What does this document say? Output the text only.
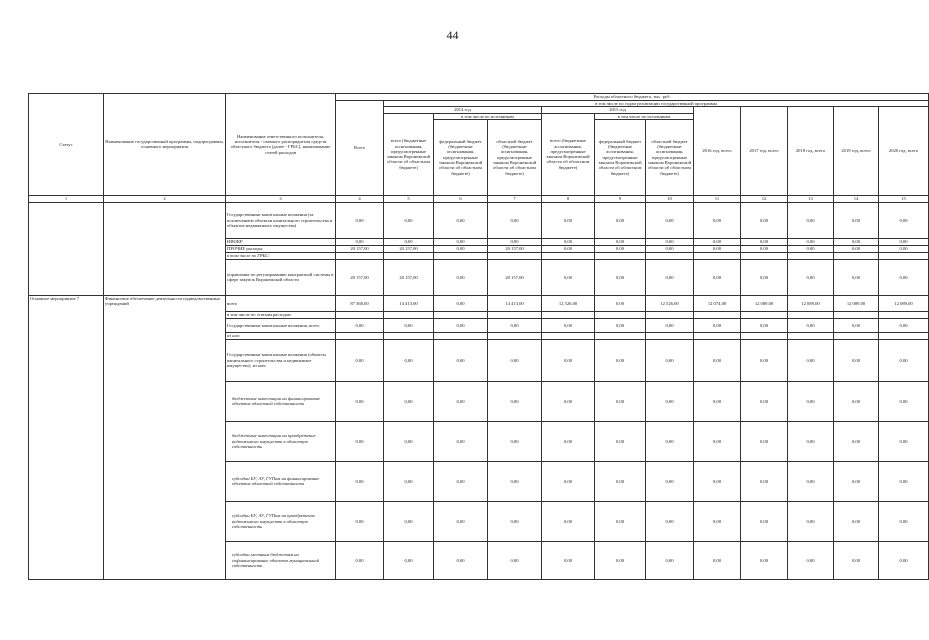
44
Статус	Наименование государственной программы, подпрограммы, основного мероприятия	Наименование ответственного исполнителя, исполнителя - главного распорядителя средств областного бюджета (далее - ГРБС), наименование статей расходов	Расходы областного бюджета, тыс. руб.											
			Всего	в том числе по годам реализации государственной программы										
				2014 год			2015 год			2016 год, всего	2017 год, всего	2018 год, всего	2019 год, всего	2020 год, всего
				всего (бюджетные ассигнования, предусмотренные законом Воронежской области об областном бюджете)	в том числе по источникам		всего (бюджетные ассигнования, предусмотренные законом Воронежской области об областном бюджете)	в том числе по источникам						
					федеральный бюджет (бюджетные ассигнования, предусмотренные законом Воронежской области об областном бюджете)	областной бюджет (бюджетные ассигнования, предусмотренные законом Воронежской области об областном бюджете)		федеральный бюджет (бюджетные ассигнования, предусмотренные законом Воронежской области об областном бюджете)	областной бюджет (бюджетные ассигнования, предусмотренные законом Воронежской области об областном бюджете)					
1	2	3	4	5	6	7	8	9	10	11	12	13	14	15
		Государственные капитальные вложения (за исключением объектов капитального строительства и объектов недвижимого имущества)	0,00	0,00	0,00	0,00	0,00	0,00	0,00	0,00	0,00	0,00	0,00	0,00
		НИОКР	0,00	0,00	0,00	0,00	0,00	0,00	0,00	0,00	0,00	0,00	0,00	0,00
		ПРОЧИЕ расходы	20 157,00	20 157,00	0,00	20 157,00	0,00	0,00	0,00	0,00	0,00	0,00	0,00	0,00
		в том числе по ГРБС:												
		управление по регулированию контрактной системы в сфере закупок Воронежской области	20 157,00	20 157,00	0,00	20 157,00	0,00	0,00	0,00	0,00	0,00	0,00	0,00	0,00
Основное мероприятие 7	Финансовое обеспечение деятельности подведомственных учреждений	всего	87 368,00	14 413,00	0,00	14 413,00	12 526,00	0,00	12 526,00	12 074,00	12 089,00	12 089,00	12 089,00	12 089,00
		в том числе по статьям расходов:												
		Государственные капитальные вложения, всего	0,00	0,00	0,00	0,00	0,00	0,00	0,00	0,00	0,00	0,00	0,00	0,00
		из них:												
		Государственные капитальные вложения (объекты капитального строительства и недвижимое имущество), из них:	0,00	0,00	0,00	0,00	0,00	0,00	0,00	0,00	0,00	0,00	0,00	0,00
		бюджетные инвестиции на финансирование объектов областной собственности	0,00	0,00	0,00	0,00	0,00	0,00	0,00	0,00	0,00	0,00	0,00	0,00
		бюджетные инвестиции на приобретение недвижимого имущества в областную собственность	0,00	0,00	0,00	0,00	0,00	0,00	0,00	0,00	0,00	0,00	0,00	0,00
		субсидии БУ, АУ, ГУПам на финансирование объектов областной собственности	0,00	0,00	0,00	0,00	0,00	0,00	0,00	0,00	0,00	0,00	0,00	0,00
		субсидии БУ, АУ, ГУПам на приобретение недвижимого имущества в областную собственность	0,00	0,00	0,00	0,00	0,00	0,00	0,00	0,00	0,00	0,00	0,00	0,00
		субсидии местным бюджетам на софинансирование объектов муниципальной собственности	0,00	0,00	0,00	0,00	0,00	0,00	0,00	0,00	0,00	0,00	0,00	0,00
